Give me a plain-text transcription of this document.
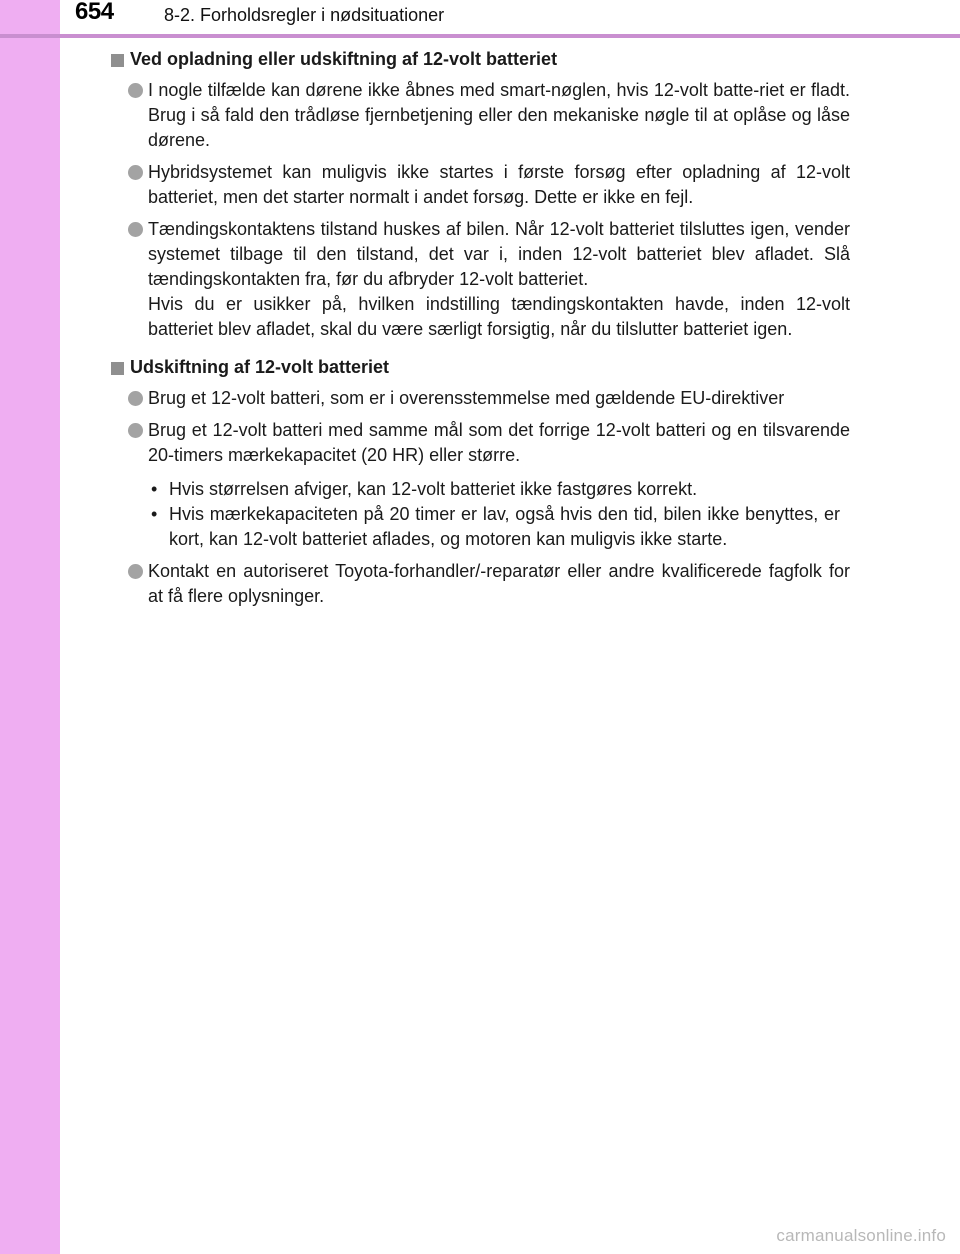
654	8-2. Forholdsregler i nødsituationer
Ved opladning eller udskiftning af 12-volt batteriet
I nogle tilfælde kan dørene ikke åbnes med smart-nøglen, hvis 12-volt batte-riet er fladt. Brug i så fald den trådløse fjernbetjening eller den mekaniske nøgle til at oplåse og låse dørene.
Hybridsystemet kan muligvis ikke startes i første forsøg efter opladning af 12-volt batteriet, men det starter normalt i andet forsøg. Dette er ikke en fejl.
Tændingskontaktens tilstand huskes af bilen. Når 12-volt batteriet tilsluttes igen, vender systemet tilbage til den tilstand, det var i, inden 12-volt batteriet blev afladet. Slå tændingskontakten fra, før du afbryder 12-volt batteriet.
Hvis du er usikker på, hvilken indstilling tændingskontakten havde, inden 12-volt batteriet blev afladet, skal du være særligt forsigtig, når du tilslutter batteriet igen.
Udskiftning af 12-volt batteriet
Brug et 12-volt batteri, som er i overensstemmelse med gældende EU-direktiver
Brug et 12-volt batteri med samme mål som det forrige 12-volt batteri og en tilsvarende 20-timers mærkekapacitet (20 HR) eller større.
• Hvis størrelsen afviger, kan 12-volt batteriet ikke fastgøres korrekt.
• Hvis mærkekapaciteten på 20 timer er lav, også hvis den tid, bilen ikke benyttes, er kort, kan 12-volt batteriet aflades, og motoren kan muligvis ikke starte.
Kontakt en autoriseret Toyota-forhandler/-reparatør eller andre kvalificerede fagfolk for at få flere oplysninger.
carmanualsonline.info
